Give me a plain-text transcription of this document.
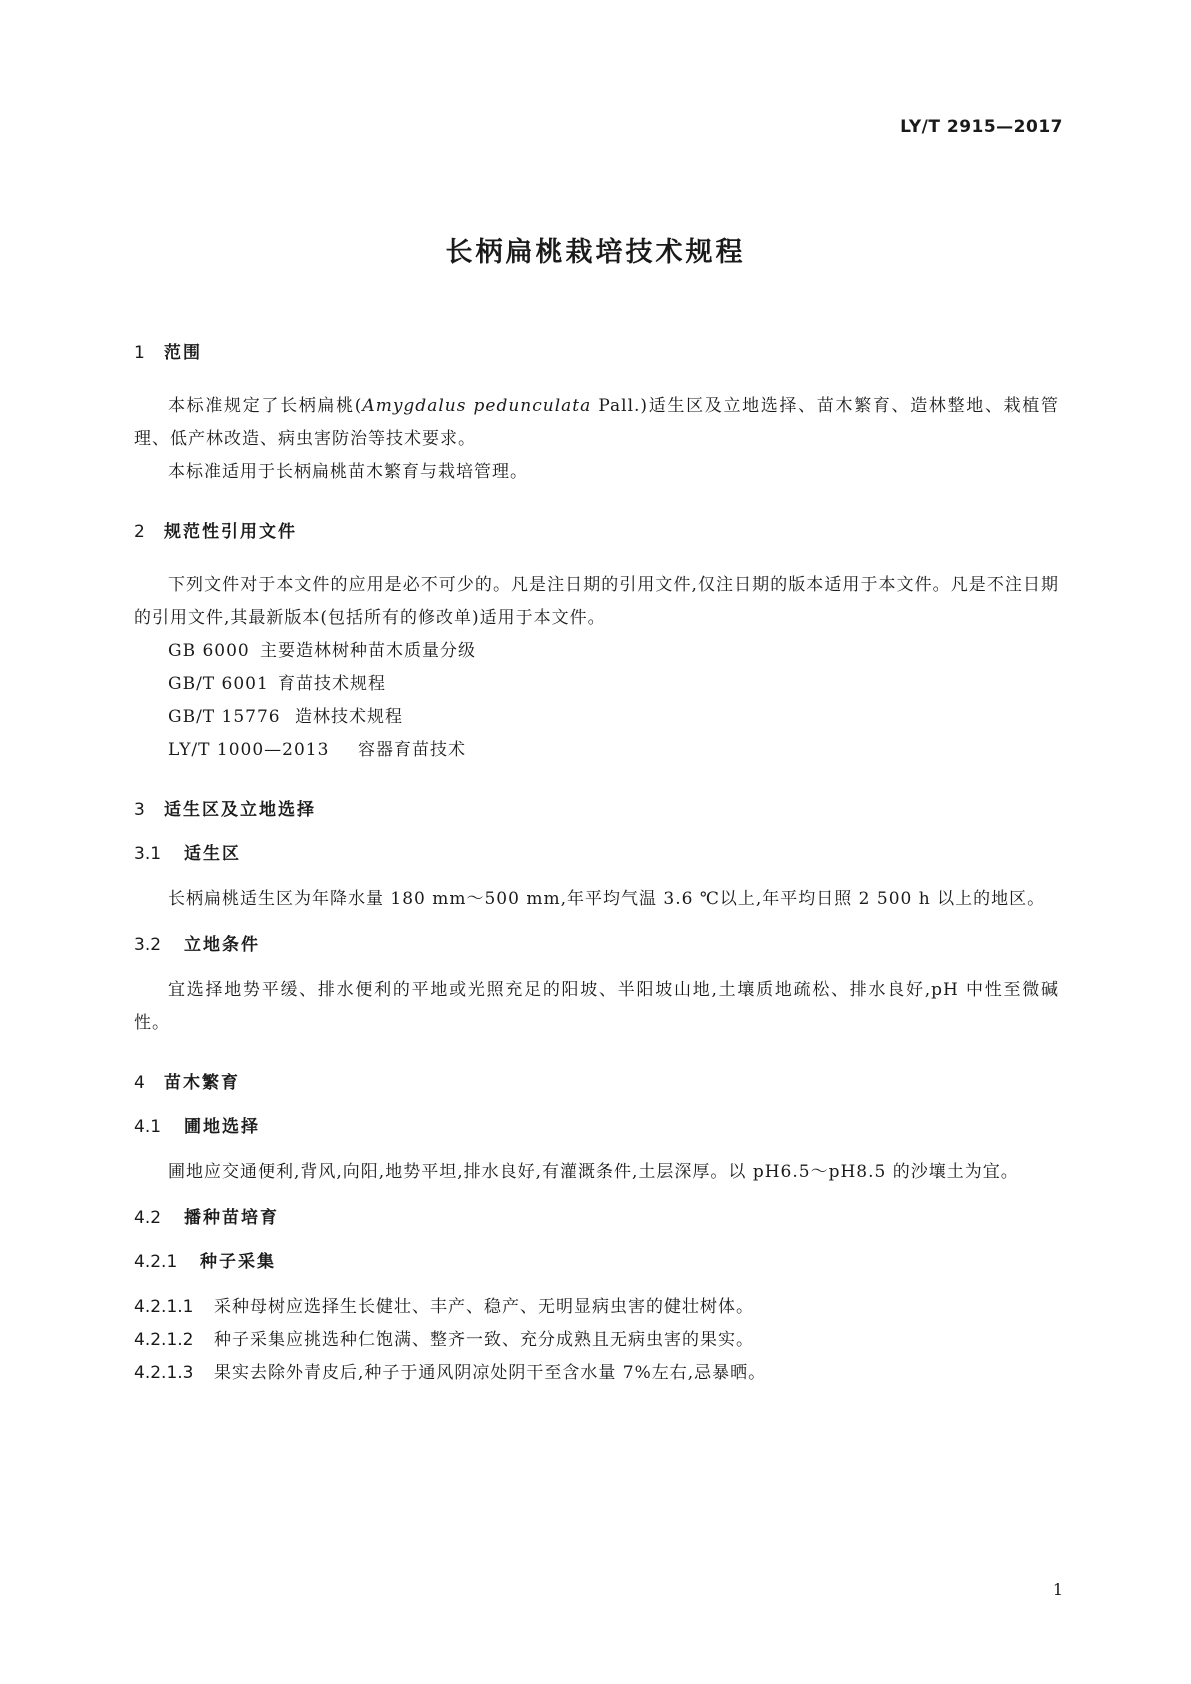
LY/T 2915—2017
长柄扁桃栽培技术规程
1 范围
本标准规定了长柄扁桃(Amygdalus pedunculata Pall.)适生区及立地选择、苗木繁育、造林整地、栽植管理、低产林改造、病虫害防治等技术要求。
本标准适用于长柄扁桃苗木繁育与栽培管理。
2 规范性引用文件
下列文件对于本文件的应用是必不可少的。凡是注日期的引用文件,仅注日期的版本适用于本文件。凡是不注日期的引用文件,其最新版本(包括所有的修改单)适用于本文件。
GB 6000 主要造林树种苗木质量分级
GB/T 6001 育苗技术规程
GB/T 15776 造林技术规程
LY/T 1000—2013 容器育苗技术
3 适生区及立地选择
3.1 适生区
长柄扁桃适生区为年降水量 180 mm～500 mm,年平均气温 3.6 ℃以上,年平均日照 2 500 h 以上的地区。
3.2 立地条件
宜选择地势平缓、排水便利的平地或光照充足的阳坡、半阳坡山地,土壤质地疏松、排水良好,pH 中性至微碱性。
4 苗木繁育
4.1 圃地选择
圃地应交通便利,背风,向阳,地势平坦,排水良好,有灌溉条件,土层深厚。以 pH6.5～pH8.5 的沙壤土为宜。
4.2 播种苗培育
4.2.1 种子采集
4.2.1.1 采种母树应选择生长健壮、丰产、稳产、无明显病虫害的健壮树体。
4.2.1.2 种子采集应挑选种仁饱满、整齐一致、充分成熟且无病虫害的果实。
4.2.1.3 果实去除外青皮后,种子于通风阴凉处阴干至含水量 7%左右,忌暴晒。
1
